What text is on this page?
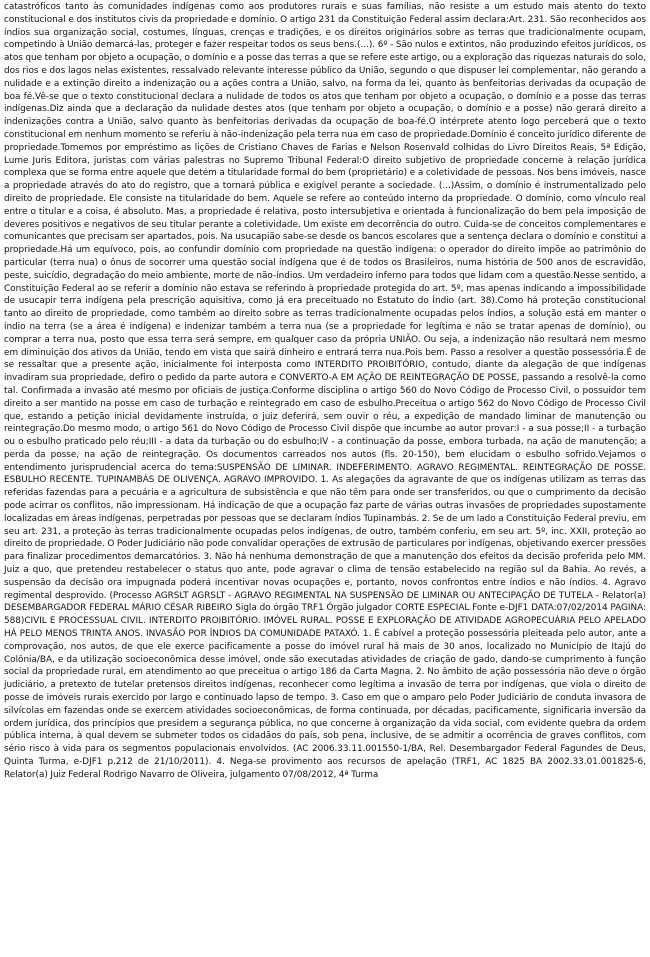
catastróficos tanto às comunidades indígenas como aos produtores rurais e suas famílias, não resiste a um estudo mais atento do texto constitucional e dos institutos civis da propriedade e domínio. O artigo 231 da Constituição Federal assim declara:Art. 231. São reconhecidos aos índios sua organização social, costumes, línguas, crenças e tradições, e os direitos originários sobre as terras que tradicionalmente ocupam, competindo à União demarcá-las, proteger e fazer respeitar todos os seus bens.(...). 6º - São nulos e extintos, não produzindo efeitos jurídicos, os atos que tenham por objeto a ocupação, o domínio e a posse das terras a que se refere este artigo, ou a exploração das riquezas naturais do solo, dos rios e dos lagos nelas existentes, ressalvado relevante interesse público da União, segundo o que dispuser lei complementar, não gerando a nulidade e a extinção direito a indenização ou a ações contra a União, salvo, na forma da lei, quanto às benfeitorias derivadas da ocupação de boa fé.Vê-se que o texto constitucional declara a nulidade de todos os atos que tenham por objeto a ocupação, o domínio e a posse das terras indígenas.Diz ainda que a declaração da nulidade destes atos (que tenham por objeto a ocupação, o domínio e a posse) não gerará direito a indenizações contra a União, salvo quanto às benfeitorias derivadas da ocupação de boa-fé.O intérprete atento logo perceberá que o texto constitucional em nenhum momento se referiu à não-indenização pela terra nua em caso de propriedade.Domínio é conceito jurídico diferente de propriedade.Tomemos por empréstimo as lições de Cristiano Chaves de Farias e Nelson Rosenvald colhidas do Livro Direitos Reais, 5ª Edição, Lume Juris Editora, juristas com várias palestras no Supremo Tribunal Federal:O direito subjetivo de propriedade concerne à relação jurídica complexa que se forma entre aquele que detém a titularidade formal do bem (proprietário) e a coletividade de pessoas. Nos bens imóveis, nasce a propriedade através do ato do registro, que a tornará pública e exigível perante a sociedade. (...)Assim, o domínio é instrumentalizado pelo direito de propriedade. Ele consiste na titularidade do bem. Aquele se refere ao conteúdo interno da propriedade. O domínio, como vínculo real entre o titular e a coisa, é absoluto. Mas, a propriedade é relativa, posto intersubjetiva e orientada à funcionalização do bem pela imposição de deveres positivos e negativos de seu titular perante a coletividade. Um existe em decorrência do outro. Cuida-se de conceitos complementares e comunicantes que precisam ser apartados, pois. Na usucapião sabe-se desde os bancos escolares que a sentença declara o domínio e constitui a propriedade.Há um equívoco, pois, ao confundir domínio com propriedade na questão indígena: o operador do direito impõe ao patrimônio do particular (terra nua) o ônus de socorrer uma questão social indígena que é de todos os Brasileiros, numa história de 500 anos de escravidão, peste, suicídio, degradação do meio ambiente, morte de não-índios. Um verdadeiro inferno para todos que lidam com a questão.Nesse sentido, a Constituição Federal ao se referir a domínio não estava se referindo à propriedade protegida do art. 5º, mas apenas indicando a impossibilidade de usucapir terra indígena pela prescrição aquisitiva, como já era preceituado no Estatuto do Índio (art. 38).Como há proteção constitucional tanto ao direito de propriedade, como também ao direito sobre as terras tradicionalmente ocupadas pelos índios, a solução está em manter o índio na terra (se a área é indígena) e indenizar também a terra nua (se a propriedade for legítima e não se tratar apenas de domínio), ou comprar a terra nua, posto que essa terra será sempre, em qualquer caso da própria UNIÃO. Ou seja, a indenização não resultará nem mesmo em diminuição dos ativos da União, tendo em vista que sairá dinheiro e entrará terra nua.Pois bem. Passo a resolver a questão possessória.É de se ressaltar que a presente ação, inicialmente foi interposta como INTERDITO PROIBITÓRIO, contudo, diante da alegação de que indígenas invadiram sua propriedade, defiro o pedido da parte autora e CONVERTO-A EM AÇÃO DE REINTEGRAÇÃO DE POSSE, passando a resolvê-la como tal. Confirmada a invasão até mesmo por oficiais de justiça.Conforme disciplina o artigo 560 do Novo Código de Processo Civil, o possuidor tem direito a ser mantido na posse em caso de turbação e reintegrado em caso de esbulho.Preceitua o artigo 562 do Novo Código de Processo Civil que, estando a petição inicial devidamente instruída, o juiz deferirá, sem ouvir o réu, a expedição de mandado liminar de manutenção ou reintegração.Do mesmo modo, o artigo 561 do Novo Código de Processo Civil dispõe que incumbe ao autor provar:I - a sua posse;II - a turbação ou o esbulho praticado pelo réu;III - a data da turbação ou do esbulho;IV - a continuação da posse, embora turbada, na ação de manutenção; a perda da posse, na ação de reintegração. Os documentos carreados nos autos (fls. 20-150), bem elucidam o esbulho sofrido.Vejamos o entendimento jurisprudencial acerca do tema:SUSPENSÃO DE LIMINAR. INDEFERIMENTO. AGRAVO REGIMENTAL. REINTEGRAÇÃO DE POSSE. ESBULHO RECENTE. TUPINAMBÁS DE OLIVENÇA. AGRAVO IMPROVIDO. 1. As alegações da agravante de que os indígenas utilizam as terras das referidas fazendas para a pecuária e a agricultura de subsistência e que não têm para onde ser transferidos, ou que o cumprimento da decisão pode acirrar os conflitos, não impressionam. Há indicação de que a ocupação faz parte de várias outras invasões de propriedades supostamente localizadas em áreas indígenas, perpetradas por pessoas que se declaram índios Tupinambás. 2. Se de um lado a Constituição Federal previu, em seu art. 231, a proteção às terras tradicionalmente ocupadas pelos indígenas, de outro, também conferiu, em seu art. 5º, inc. XXII, proteção ao direito de propriedade. O Poder Judiciário não pode convalidar operações de extrusão de particulares por indígenas, objetivando exercer pressões para finalizar procedimentos demarcatórios. 3. Não há nenhuma demonstração de que a manutenção dos efeitos da decisão proferida pelo MM. Juiz a quo, que pretendeu restabelecer o status quo ante, pode agravar o clima de tensão estabelecido na região sul da Bahia. Ao revés, a suspensão da decisão ora impugnada poderá incentivar novas ocupações e, portanto, novos confrontos entre índios e não índios. 4. Agravo regimental desprovido. (Processo AGRSLT AGRSLT - AGRAVO REGIMENTAL NA SUSPENSÃO DE LIMINAR OU ANTECIPAÇÃO DE TUTELA - Relator(a) DESEMBARGADOR FEDERAL MÁRIO CÉSAR RIBEIRO Sigla do órgão TRF1 Órgão julgador CORTE ESPECIAL Fonte e-DJF1 DATA:07/02/2014 PAGINA: 588)CIVIL E PROCESSUAL CIVIL. INTERDITO PROIBITÓRIO. IMÓVEL RURAL. POSSE E EXPLORAÇÃO DE ATIVIDADE AGROPECUÁRIA PELO APELADO HÁ PELO MENOS TRINTA ANOS. INVASÃO POR ÍNDIOS DA COMUNIDADE PATAXÓ. 1. É cabível a proteção possessória pleiteada pelo autor, ante a comprovação, nos autos, de que ele exerce pacificamente a posse do imóvel rural há mais de 30 anos, localizado no Município de Itajú do Colônia/BA, e da utilização socioeconômica desse imóvel, onde são executadas atividades de criação de gado, dando-se cumprimento à função social da propriedade rural, em atendimento ao que preceitua o artigo 186 da Carta Magna. 2. No âmbito de ação possessória não deve o órgão judiciário, a pretexto de tutelar pretensos direitos indígenas, reconhecer como legítima a invasão de terra por indígenas, que viola o direito de posse de imóveis rurais exercido por largo e continuado lapso de tempo. 3. Caso em que o amparo pelo Poder Judiciário de conduta invasora de silvícolas em fazendas onde se exercem atividades socioeconômicas, de forma continuada, por décadas, pacificamente, significaria inversão da ordem jurídica, dos princípios que presidem a segurança pública, no que concerne à organização da vida social, com evidente quebra da ordem pública interna, à qual devem se submeter todos os cidadãos do país, sob pena, inclusive, de se admitir a ocorrência de graves conflitos, com sério risco à vida para os segmentos populacionais envolvidos. (AC 2006.33.11.001550-1/BA, Rel. Desembargador Federal Fagundes de Deus, Quinta Turma, e-DJF1 p.212 de 21/10/2011). 4. Nega-se provimento aos recursos de apelação (TRF1, AC 1825 BA 2002.33.01.001825-6, Relator(a) Juiz Federal Rodrigo Navarro de Oliveira, julgamento 07/08/2012, 4ª Turma
